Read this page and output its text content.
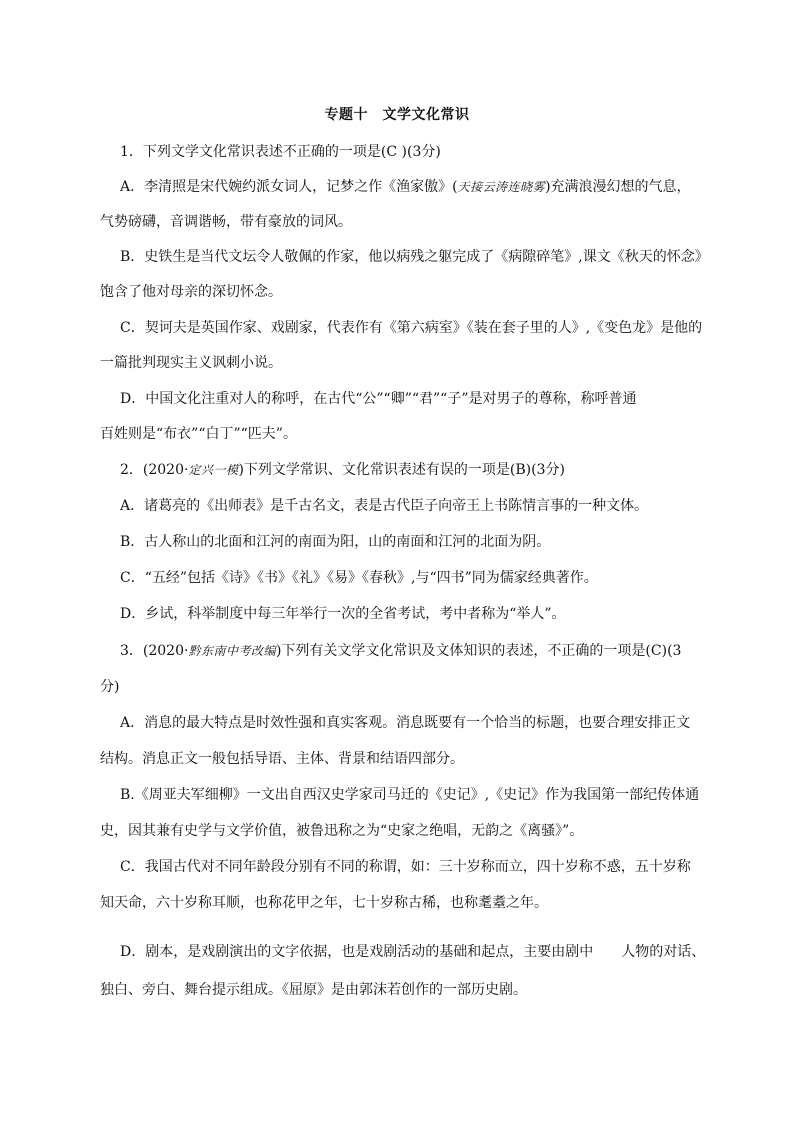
专题十　文学文化常识
1．下列文学文化常识表述不正确的一项是(C )(3分)
A．李清照是宋代婉约派女词人，记梦之作《渔家傲》(天接云涛连晓雾)充满浪漫幻想的气息，
气势磅礴，音调谐畅，带有豪放的词风。
B．史铁生是当代文坛令人敬佩的作家，他以病残之躯完成了《病隙碎笔》,课文《秋天的怀念》
饱含了他对母亲的深切怀念。
C．契诃夫是英国作家、戏剧家，代表作有《第六病室》《装在套子里的人》,《变色龙》是他的
一篇批判现实主义讽刺小说。
D．中国文化注重对人的称呼，在古代“公”“卿”“君”“子”是对男子的尊称，称呼普通
百姓则是“布衣”“白丁”“匹夫”。
2．(2020·定兴一模)下列文学常识、文化常识表述有误的一项是(B)(3分)
A．诸葛亮的《出师表》是千古名文，表是古代臣子向帝王上书陈情言事的一种文体。
B．古人称山的北面和江河的南面为阳，山的南面和江河的北面为阴。
C．“五经”包括《诗》《书》《礼》《易》《春秋》,与“四书”同为儒家经典著作。
D．乡试，科举制度中每三年举行一次的全省考试，考中者称为“举人”。
3．(2020·黔东南中考改编)下列有关文学文化常识及文体知识的表述，不正确的一项是(C)(3
分)
A．消息的最大特点是时效性强和真实客观。消息既要有一个恰当的标题，也要合理安排正文
结构。消息正文一般包括导语、主体、背景和结语四部分。
B.《周亚夫军细柳》一文出自西汉史学家司马迁的《史记》,《史记》作为我国第一部纪传体通
史，因其兼有史学与文学价值，被鲁迅称之为“史家之绝唱，无韵之《离骚》”。
C．我国古代对不同年龄段分别有不同的称谓，如：三十岁称而立，四十岁称不惑，五十岁称
知天命，六十岁称耳顺，也称花甲之年，七十岁称古稀，也称耄耋之年。
D．剧本，是戏剧演出的文字依据，也是戏剧活动的基础和起点，主要由剧中　　人物的对话、
独白、旁白、舞台提示组成。《屈原》是由郭沫若创作的一部历史剧。
